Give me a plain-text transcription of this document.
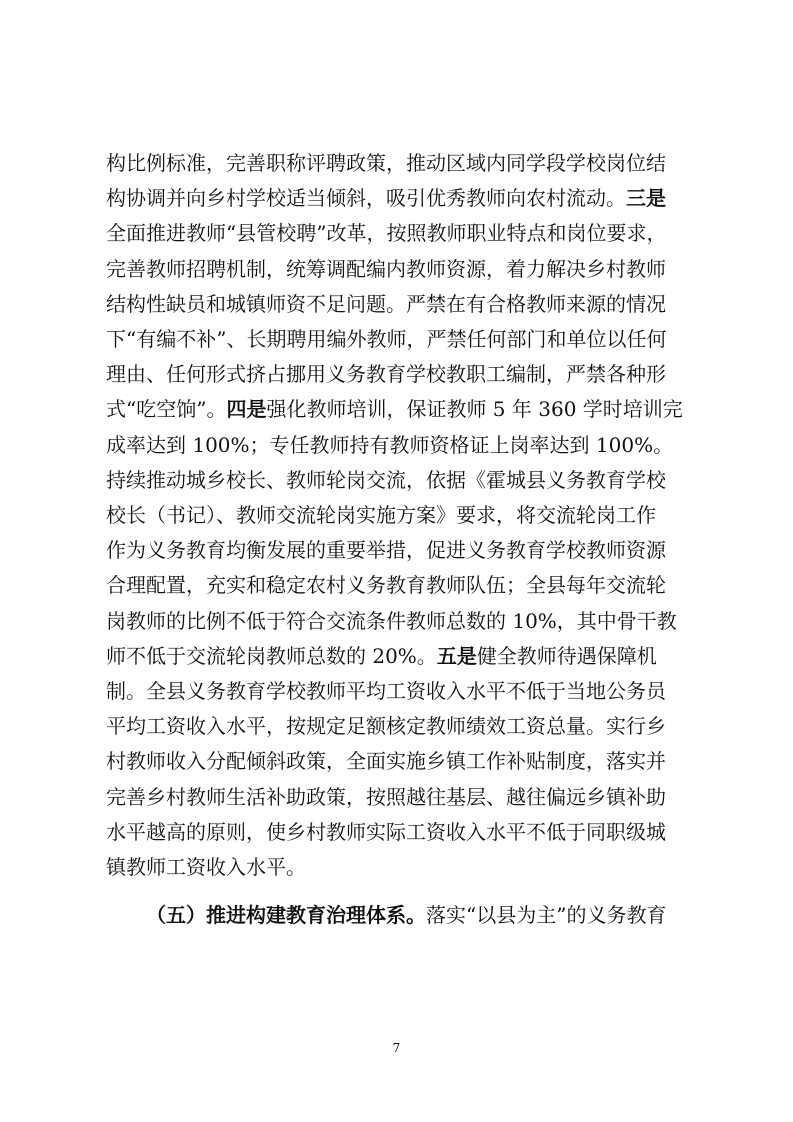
构比例标准，完善职称评聘政策，推动区域内同学段学校岗位结
构协调并向乡村学校适当倾斜，吸引优秀教师向农村流动。三是
全面推进教师“县管校聘”改革，按照教师职业特点和岗位要求，
完善教师招聘机制，统筹调配编内教师资源，着力解决乡村教师
结构性缺员和城镇师资不足问题。严禁在有合格教师来源的情况
下“有编不补”、长期聘用编外教师，严禁任何部门和单位以任何
理由、任何形式挤占挪用义务教育学校教职工编制，严禁各种形
式“吃空饷”。四是强化教师培训，保证教师 5 年 360 学时培训完
成率达到 100%；专任教师持有教师资格证上岗率达到 100%。
持续推动城乡校长、教师轮岗交流，依据《霍城县义务教育学校
校长（书记）、教师交流轮岗实施方案》要求，将交流轮岗工作
作为义务教育均衡发展的重要举措，促进义务教育学校教师资源
合理配置，充实和稳定农村义务教育教师队伍；全县每年交流轮
岗教师的比例不低于符合交流条件教师总数的 10%，其中骨干教
师不低于交流轮岗教师总数的 20%。五是健全教师待遇保障机
制。全县义务教育学校教师平均工资收入水平不低于当地公务员
平均工资收入水平，按规定足额核定教师绩效工资总量。实行乡
村教师收入分配倾斜政策，全面实施乡镇工作补贴制度，落实并
完善乡村教师生活补助政策，按照越往基层、越往偏远乡镇补助
水平越高的原则，使乡村教师实际工资收入水平不低于同职级城
镇教师工资收入水平。
（五）推进构建教育治理体系。落实“以县为主”的义务教育
7
